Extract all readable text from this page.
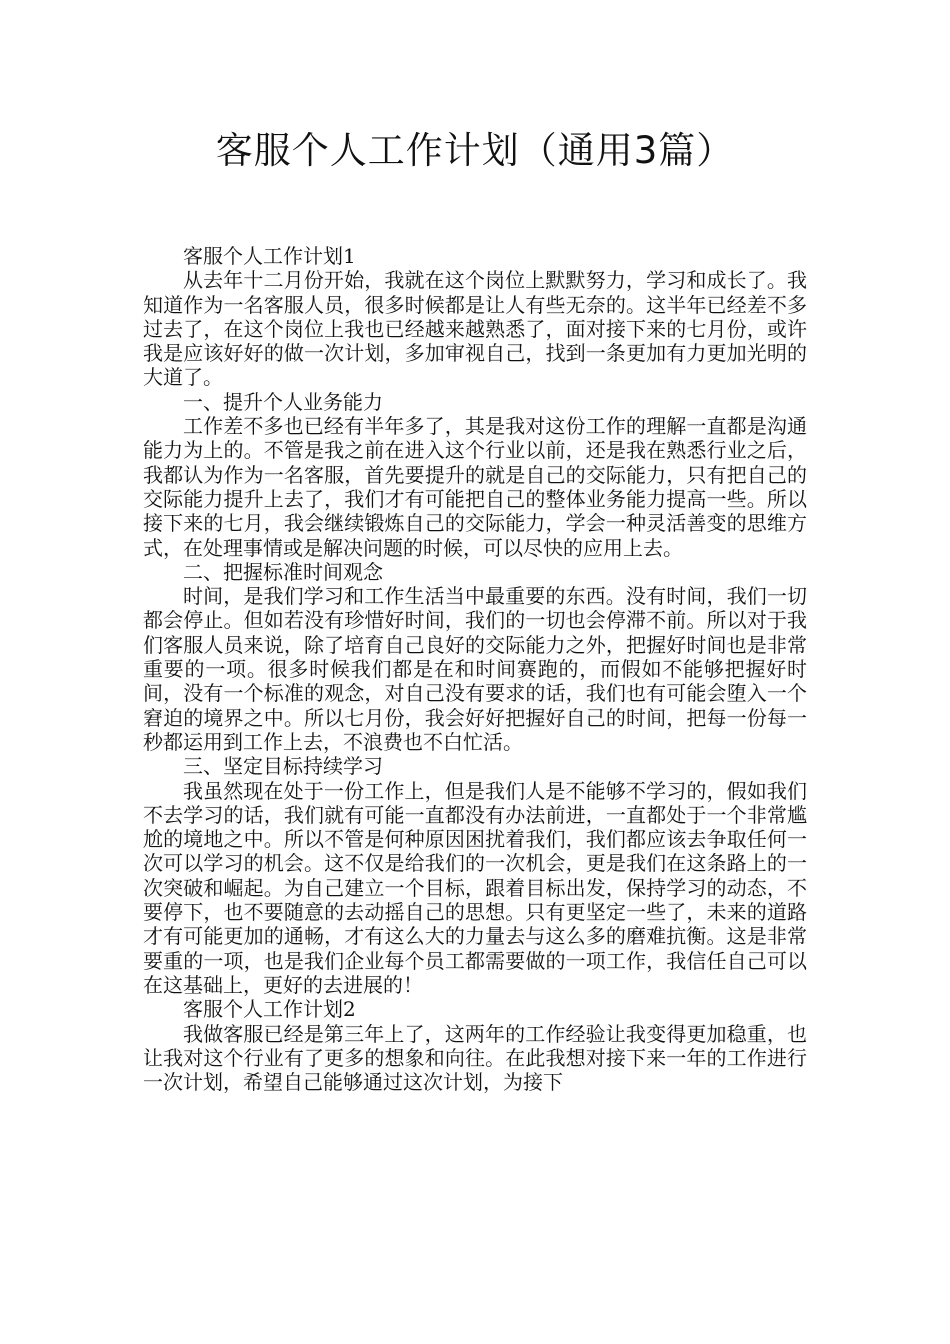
客服个人工作计划（通用3篇）

客服个人工作计划1

从去年十二月份开始，我就在这个岗位上默默努力，学习和成长了。我知道作为一名客服人员，很多时候都是让人有些无奈的。这半年已经差不多过去了，在这个岗位上我也已经越来越熟悉了，面对接下来的七月份，或许我是应该好好的做一次计划，多加审视自己，找到一条更加有力更加光明的大道了。

一、提升个人业务能力

工作差不多也已经有半年多了，其是我对这份工作的理解一直都是沟通能力为上的。不管是我之前在进入这个行业以前，还是我在熟悉行业之后，我都认为作为一名客服，首先要提升的就是自己的交际能力，只有把自己的交际能力提升上去了，我们才有可能把自己的整体业务能力提高一些。所以接下来的七月，我会继续锻炼自己的交际能力，学会一种灵活善变的思维方式，在处理事情或是解决问题的时候，可以尽快的应用上去。

二、把握标准时间观念

时间，是我们学习和工作生活当中最重要的东西。没有时间，我们一切都会停止。但如若没有珍惜好时间，我们的一切也会停滞不前。所以对于我们客服人员来说，除了培育自己良好的交际能力之外，把握好时间也是非常重要的一项。很多时候我们都是在和时间赛跑的，而假如不能够把握好时间，没有一个标准的观念，对自己没有要求的话，我们也有可能会堕入一个窘迫的境界之中。所以七月份，我会好好把握好自己的时间，把每一份每一秒都运用到工作上去，不浪费也不白忙活。

三、坚定目标持续学习

我虽然现在处于一份工作上，但是我们人是不能够不学习的，假如我们不去学习的话，我们就有可能一直都没有办法前进，一直都处于一个非常尴尬的境地之中。所以不管是何种原因困扰着我们，我们都应该去争取任何一次可以学习的机会。这不仅是给我们的一次机会，更是我们在这条路上的一次突破和崛起。为自己建立一个目标，跟着目标出发，保持学习的动态，不要停下，也不要随意的去动摇自己的思想。只有更坚定一些了，未来的道路才有可能更加的通畅，才有这么大的力量去与这么多的磨难抗衡。这是非常要重的一项，也是我们企业每个员工都需要做的一项工作，我信任自己可以在这基础上，更好的去进展的！

客服个人工作计划2

我做客服已经是第三年上了，这两年的工作经验让我变得更加稳重，也让我对这个行业有了更多的想象和向往。在此我想对接下来一年的工作进行一次计划，希望自己能够通过这次计划，为接下
